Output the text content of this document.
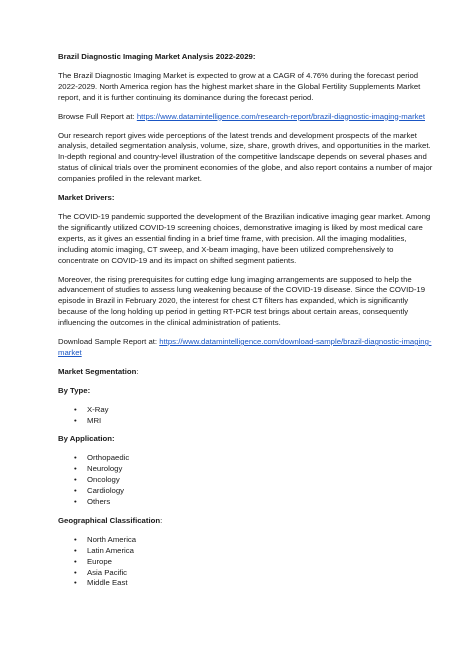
Brazil Diagnostic Imaging Market Analysis 2022-2029:

The Brazil Diagnostic Imaging Market is expected to grow at a CAGR of 4.76% during the forecast period 2022-2029. North America region has the highest market share in the Global Fertility Supplements Market report, and it is further continuing its dominance during the forecast period.

Browse Full Report at: https://www.datamintelligence.com/research-report/brazil-diagnostic-imaging-market

Our research report gives wide perceptions of the latest trends and development prospects of the market analysis, detailed segmentation analysis, volume, size, share, growth drives, and opportunities in the market. In-depth regional and country-level illustration of the competitive landscape depends on several phases and status of clinical trials over the prominent economies of the globe, and also report contains a number of major companies profiled in the relevant market.

Market Drivers:

The COVID-19 pandemic supported the development of the Brazilian indicative imaging gear market. Among the significantly utilized COVID-19 screening choices, demonstrative imaging is liked by most medical care experts, as it gives an essential finding in a brief time frame, with precision. All the imaging modalities, including atomic imaging, CT sweep, and X-beam imaging, have been utilized comprehensively to concentrate on COVID-19 and its impact on shifted segment patients.

Moreover, the rising prerequisites for cutting edge lung imaging arrangements are supposed to help the advancement of studies to assess lung weakening because of the COVID-19 disease. Since the COVID-19 episode in Brazil in February 2020, the interest for chest CT filters has expanded, which is significantly because of the long holding up period in getting RT-PCR test brings about certain areas, consequently influencing the outcomes in the clinical administration of patients.

Download Sample Report at: https://www.datamintelligence.com/download-sample/brazil-diagnostic-imaging-market

Market Segmentation:

By Type:

• X-Ray
• MRI

By Application:

• Orthopaedic
• Neurology
• Oncology
• Cardiology
• Others

Geographical Classification:

• North America
• Latin America
• Europe
• Asia Pacific
• Middle East
